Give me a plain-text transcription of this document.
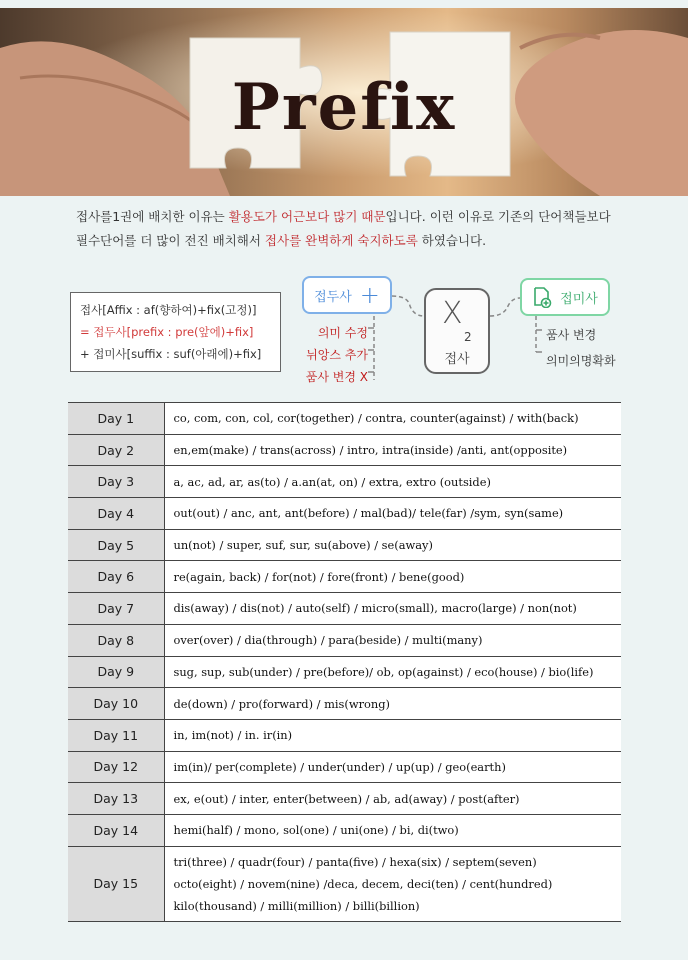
Prefix
접사를1권에 배치한 이유는 활용도가 어근보다 많기 때문입니다. 이런 이유로 기존의 단어책들보다
필수단어를 더 많이 전진 배치해서 접사를 완벽하게 숙지하도록 하였습니다.
접사[Affix : af(향하여)+fix(고정)]
= 접두사[prefix : pre(앞에)+fix]
+ 접미사[suffix : suf(아래에)+fix]
접두사 +
X
2
접사
접미사
의미 수정
뉘앙스 추가
품사 변경 X
품사 변경
의미의명확화
Day 1	co, com, con, col, cor(together) / contra, counter(against) / with(back)

Day 2	en,em(make) / trans(across) / intro, intra(inside) /anti, ant(opposite)

Day 3	a, ac, ad, ar, as(to) / a.an(at, on) / extra, extro (outside)

Day 4	out(out) / anc, ant, ant(before) / mal(bad)/ tele(far) /sym, syn(same)

Day 5	un(not) / super, suf, sur, su(above) / se(away)

Day 6	re(again, back) / for(not) / fore(front) / bene(good)

Day 7	dis(away) / dis(not) / auto(self) / micro(small), macro(large) / non(not)

Day 8	over(over) / dia(through) / para(beside) / multi(many)

Day 9	sug, sup, sub(under) / pre(before)/ ob, op(against) / eco(house) / bio(life)

Day 10	de(down) / pro(forward) / mis(wrong)

Day 11	in, im(not) / in. ir(in)

Day 12	im(in)/ per(complete) / under(under) / up(up) / geo(earth)

Day 13	ex, e(out) / inter, enter(between) / ab, ad(away) / post(after)

Day 14	hemi(half) / mono, sol(one) / uni(one) / bi, di(two)

Day 15	tri(three) / quadr(four) / panta(five) / hexa(six) / septem(seven)
octo(eight) / novem(nine) /deca, decem, deci(ten) / cent(hundred)
kilo(thousand) / milli(million) / billi(billion)
